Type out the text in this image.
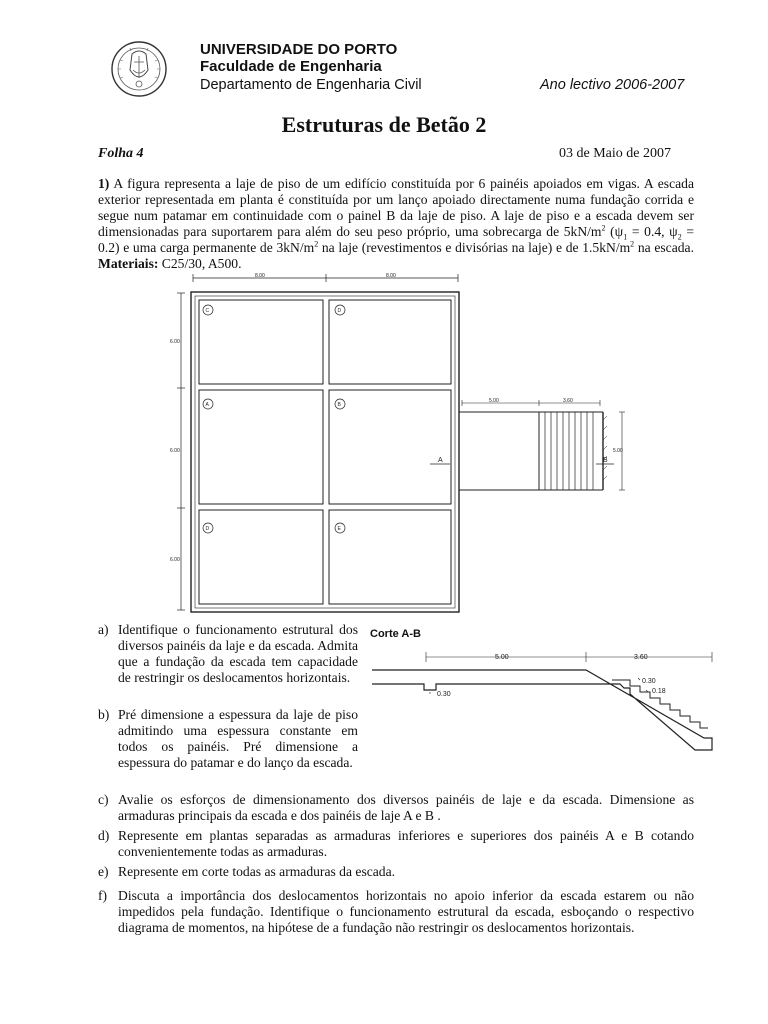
UNIVERSIDADE DO PORTO
Faculdade de Engenharia
Departamento de Engenharia Civil	Ano lectivo 2006-2007
Estruturas de Betão 2
Folha 4	03 de Maio de 2007
1) A figura representa a laje de piso de um edifício constituída por 6 painéis apoiados em vigas. A escada exterior representada em planta é constituída por um lanço apoiado directamente numa fundação corrida e segue num patamar em continuidade com o painel B da laje de piso. A laje de piso e a escada devem ser dimensionadas para suportarem para além do seu peso próprio, uma sobrecarga de $5kN/m^2$ ($\psi_1 = 0.4$, $\psi_2 = 0.2$) e uma carga permanente de $3kN/m^2$ na laje (revestimentos e divisórias na laje) e de $1.5kN/m^2$ na escada. Materiais: C25/30, A500.
8.00	8.00
6.00
6.00
6.00
5.00	3.60
5.00
C	D
A	B
D	E
A	B
5.00	3.60
0.30
0.30
0.18
Corte A-B
a) Identifique o funcionamento estrutural dos diversos painéis da laje e da escada. Admita que a fundação da escada tem capacidade de restringir os deslocamentos horizontais.
b) Pré dimensione a espessura da laje de piso admitindo uma espessura constante em todos os painéis. Pré dimensione a espessura do patamar e do lanço da escada.
c) Avalie os esforços de dimensionamento dos diversos painéis de laje e da escada. Dimensione as armaduras principais da escada e dos painéis de laje A e B .
d) Represente em plantas separadas as armaduras inferiores e superiores dos painéis A e B cotando convenientemente todas as armaduras.
e) Represente em corte todas as armaduras da escada.
f) Discuta a importância dos deslocamentos horizontais no apoio inferior da escada estarem ou não impedidos pela fundação. Identifique o funcionamento estrutural da escada, esboçando o respectivo diagrama de momentos, na hipótese de a fundação não restringir os deslocamentos horizontais.
